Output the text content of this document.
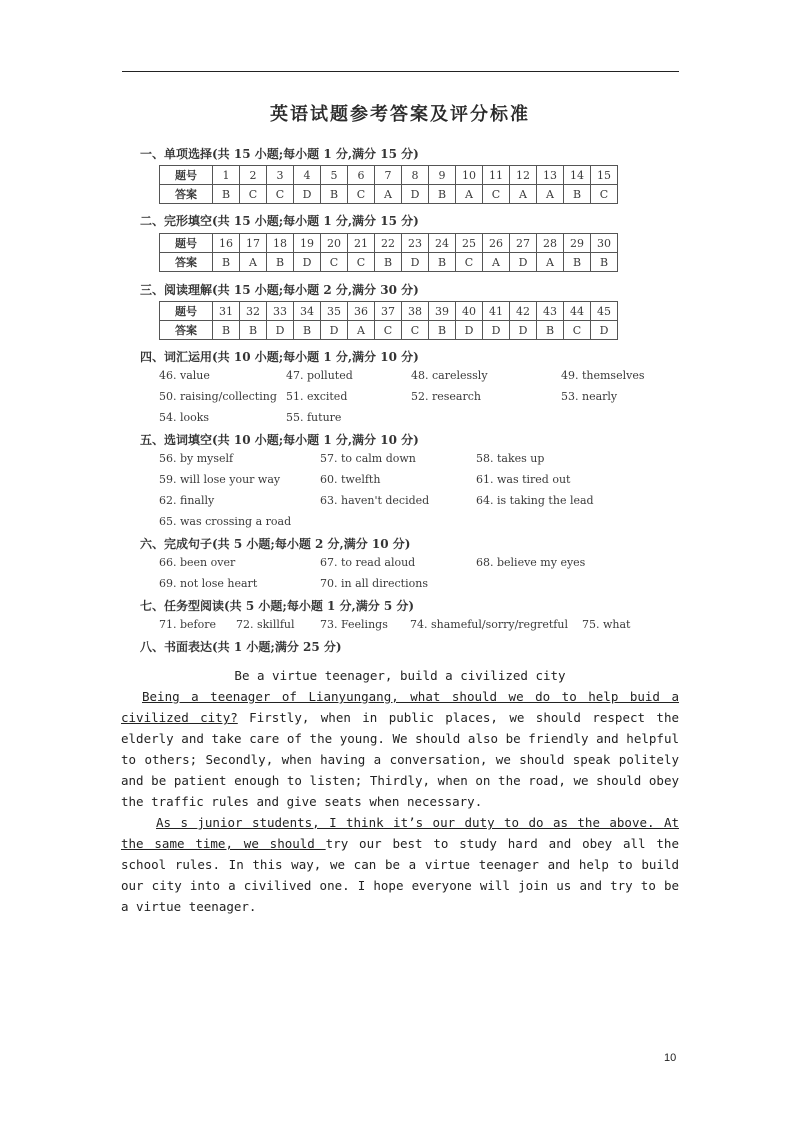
英语试题参考答案及评分标准
一、单项选择(共 15 小题;每小题 1 分,满分 15 分)
题号	1	2	3	4	5	6	7	8	9	10	11	12	13	14	15
答案	B	C	C	D	B	C	A	D	B	A	C	A	A	B	C
二、完形填空(共 15 小题;每小题 1 分,满分 15 分)
题号	16	17	18	19	20	21	22	23	24	25	26	27	28	29	30
答案	B	A	B	D	C	C	B	D	B	C	A	D	A	B	B
三、阅读理解(共 15 小题;每小题 2 分,满分 30 分)
题号	31	32	33	34	35	36	37	38	39	40	41	42	43	44	45
答案	B	B	D	B	D	A	C	C	B	D	D	D	B	C	D
四、词汇运用(共 10 小题;每小题 1 分,满分 10 分)
46. value	47. polluted	48. carelessly	49. themselves
50. raising/collecting 51. excited	52. research	53. nearly
54. looks	55. future
五、选词填空(共 10 小题;每小题 1 分,满分 10 分)
56. by myself	57. to calm down	58. takes up
59. will lose your way	60. twelfth	61. was tired out
62. finally	63. haven't decided	64. is taking the lead
65. was crossing a road
六、完成句子(共 5 小题;每小题 2 分,满分 10 分)
66. been over	67. to read aloud	68. believe my eyes
69. not lose heart	70. in all directions
七、任务型阅读(共 5 小题;每小题 1 分,满分 5 分)
71. before 72. skillful 73. Feelings 74. shameful/sorry/regretful 75. what
八、书面表达(共 1 小题;满分 25 分)
Be a virtue teenager, build a civilized city
Being a teenager of Lianyungang, what should we do to help buid a civilized city? Firstly, when in public places, we should respect the elderly and take care of the young. We should also be friendly and helpful to others; Secondly, when having a conversation, we should speak politely and be patient enough to listen; Thirdly, when on the road, we should obey the traffic rules and give seats when necessary.
As s junior students, I think it’s our duty to do as the above. At the same time, we should try our best to study hard and obey all the school rules. In this way, we can be a virtue teenager and help to build our city into a civilived one. I hope everyone will join us and try to be a virtue teenager.
10
